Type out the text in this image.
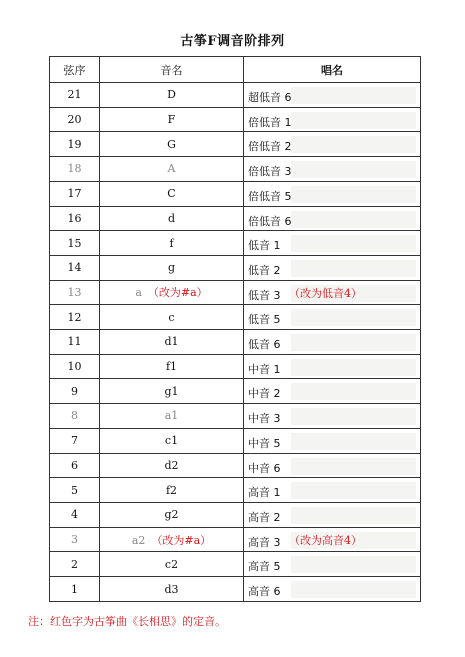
古筝F调音阶排列
弦序	音名	唱名
21	D	超低音 6
20	F	倍低音 1
19	G	倍低音 2
18	A	倍低音 3
17	C	倍低音 5
16	d	倍低音 6
15	f	低音 1
14	g	低音 2
13	a （改为#a）	低音 3 （改为低音4）

12	c	低音 5
11	d1	低音 6
10	f1	中音 1
9	g1	中音 2
8	a1	中音 3
7	c1	中音 5
6	d2	中音 6
5	f2	高音 1
4	g2	高音 2
3	a2 （改为#a）	高音 3 （改为高音4）

2	c2	高音 5
1	d3	高音 6
注：红色字为古筝曲《长相思》的定音。
